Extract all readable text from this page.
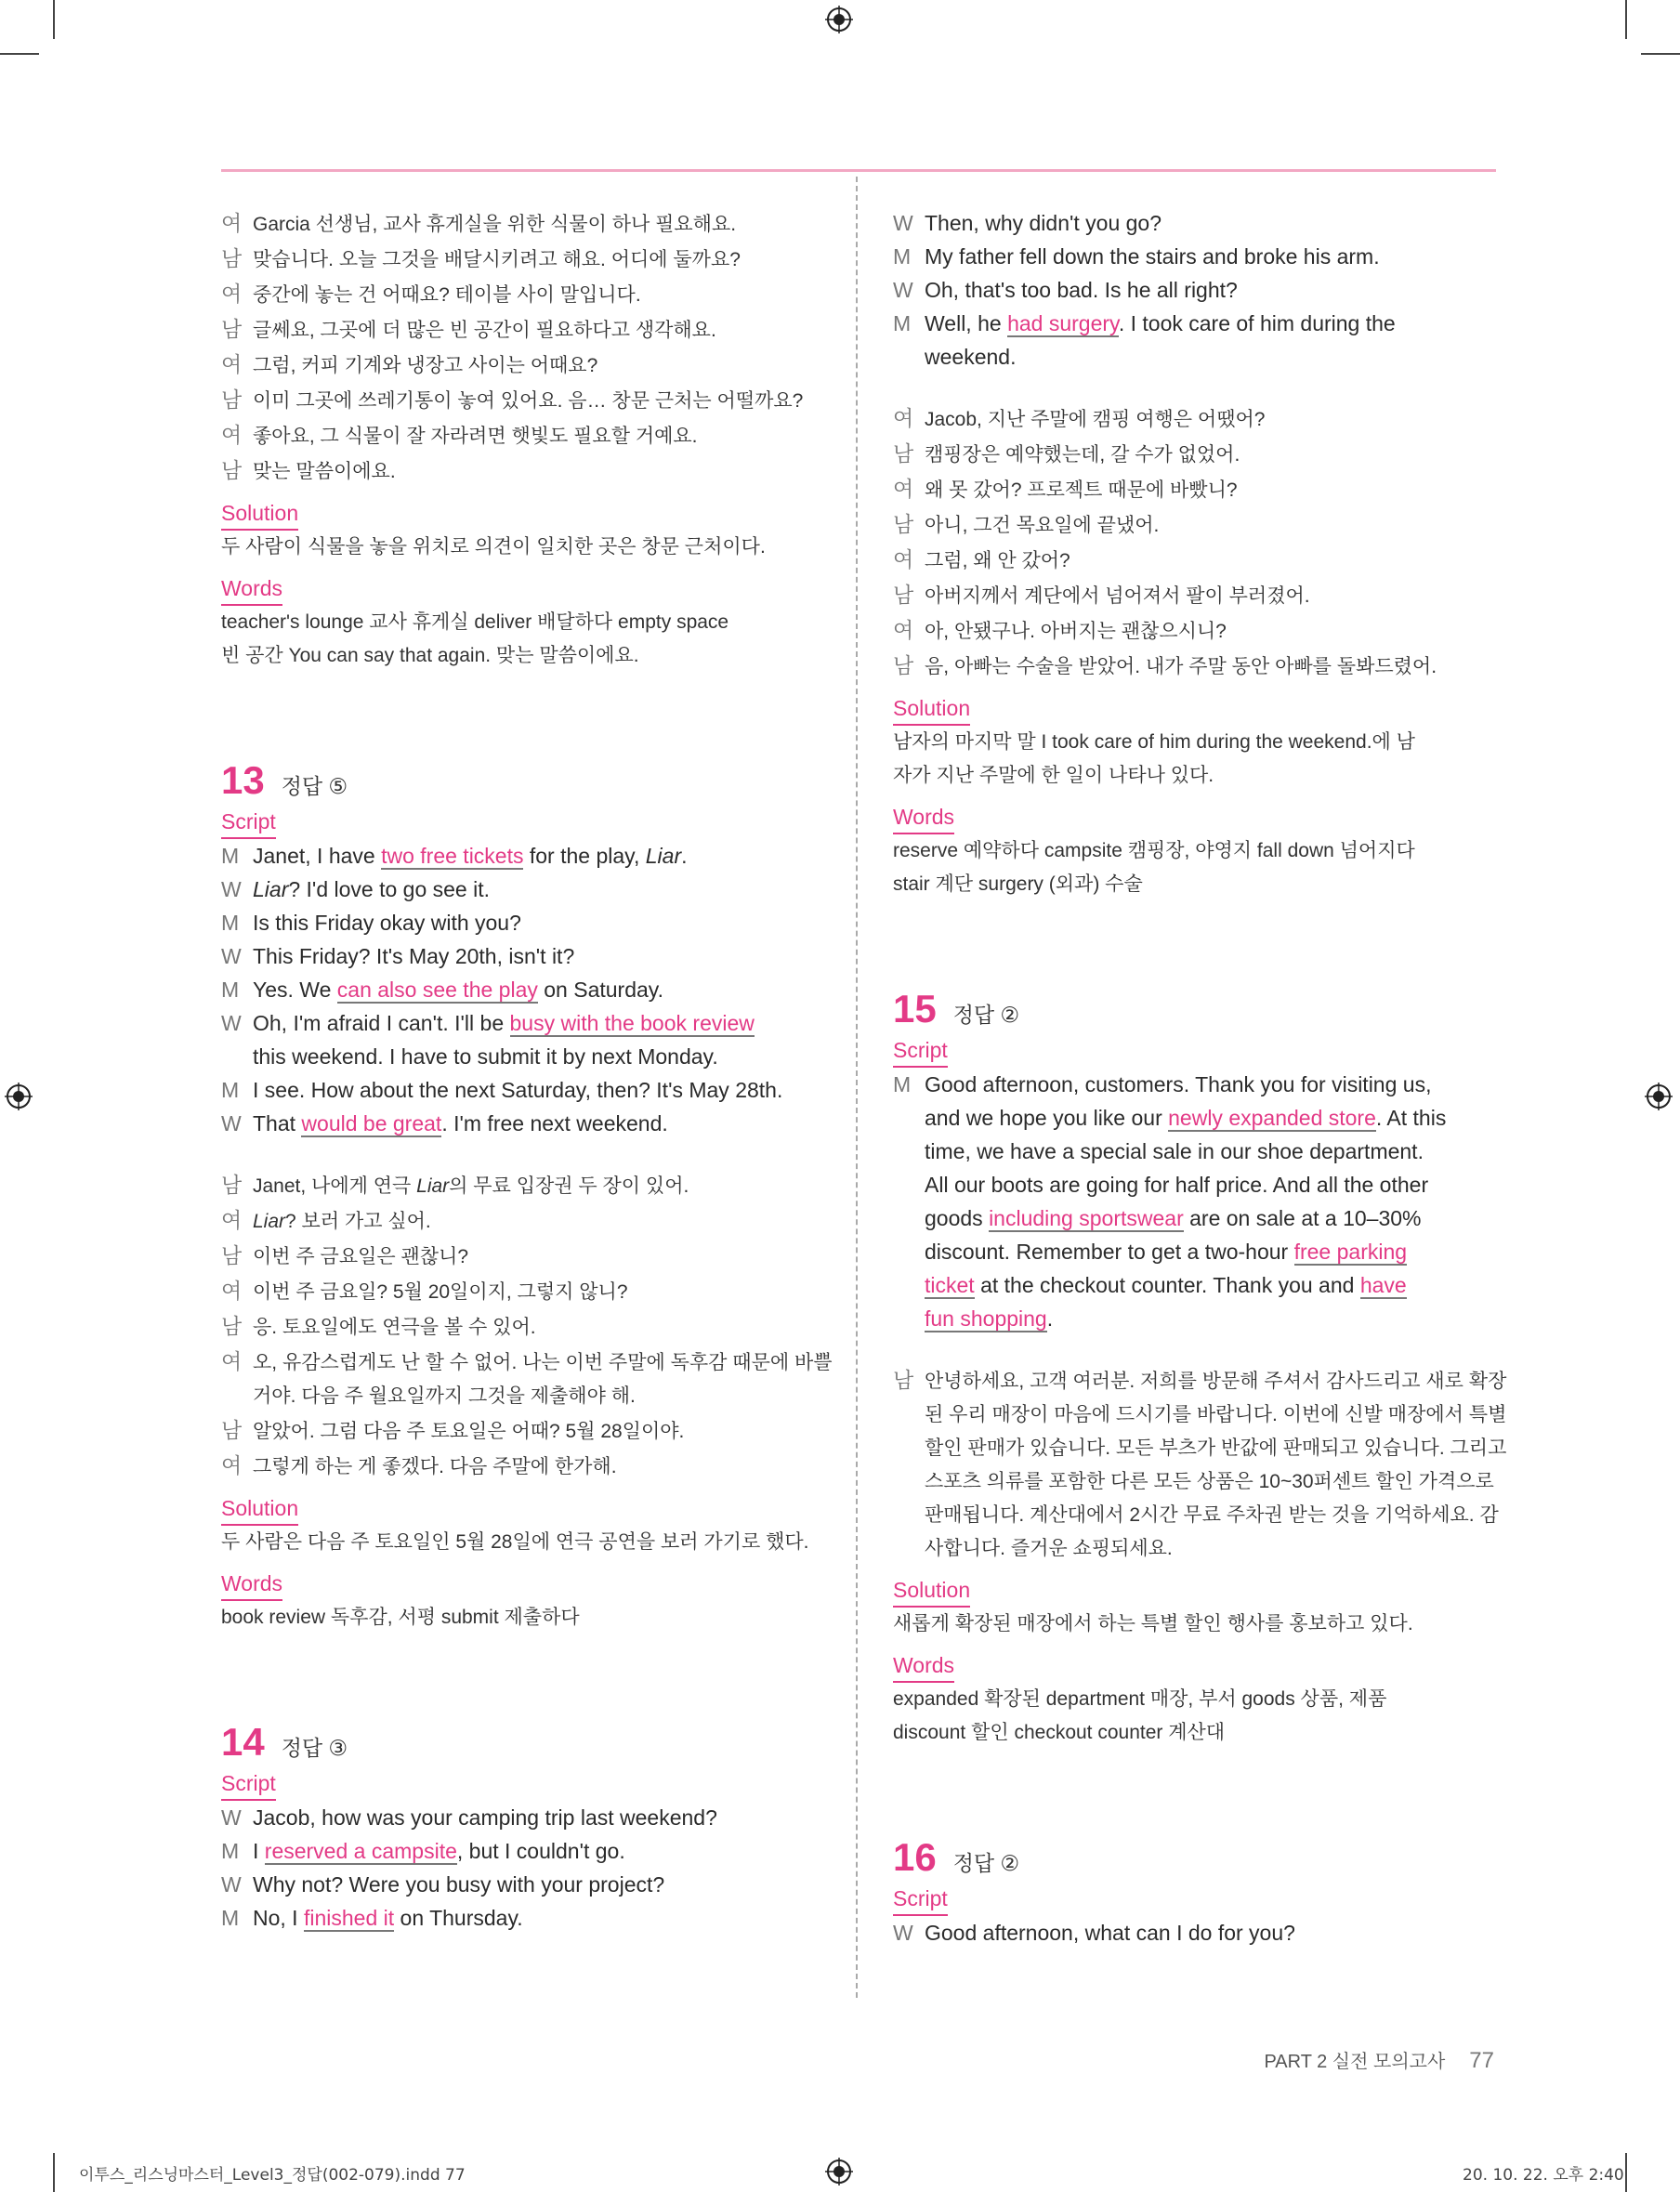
여 Garcia 선생님, 교사 휴게실을 위한 식물이 하나 필요해요.
남 맞습니다. 오늘 그것을 배달시키려고 해요. 어디에 둘까요?
여 중간에 놓는 건 어때요? 테이블 사이 말입니다.
남 글쎄요, 그곳에 더 많은 빈 공간이 필요하다고 생각해요.
여 그럼, 커피 기계와 냉장고 사이는 어때요?
남 이미 그곳에 쓰레기통이 놓여 있어요. 음… 창문 근처는 어떨까요?
여 좋아요, 그 식물이 잘 자라려면 햇빛도 필요할 거예요.
남 맞는 말씀이에요.
Solution
두 사람이 식물을 놓을 위치로 의견이 일치한 곳은 창문 근처이다.
Words
teacher's lounge 교사 휴게실 deliver 배달하다 empty space
빈 공간 You can say that again. 맞는 말씀이에요.
13 정답 ⑤
Script
M Janet, I have two free tickets for the play, Liar.
W Liar? I'd love to go see it.
M Is this Friday okay with you?
W This Friday? It's May 20th, isn't it?
M Yes. We can also see the play on Saturday.
W Oh, I'm afraid I can't. I'll be busy with the book review
this weekend. I have to submit it by next Monday.
M I see. How about the next Saturday, then? It's May 28th.
W That would be great. I'm free next weekend.
남 Janet, 나에게 연극 Liar의 무료 입장권 두 장이 있어.
여 Liar? 보러 가고 싶어.
남 이번 주 금요일은 괜찮니?
여 이번 주 금요일? 5월 20일이지, 그렇지 않니?
남 응. 토요일에도 연극을 볼 수 있어.
여 오, 유감스럽게도 난 할 수 없어. 나는 이번 주말에 독후감 때문에 바쁠
거야. 다음 주 월요일까지 그것을 제출해야 해.
남 알았어. 그럼 다음 주 토요일은 어때? 5월 28일이야.
여 그렇게 하는 게 좋겠다. 다음 주말에 한가해.
Solution
두 사람은 다음 주 토요일인 5월 28일에 연극 공연을 보러 가기로 했다.
Words
book review 독후감, 서평 submit 제출하다
14 정답 ③
Script
W Jacob, how was your camping trip last weekend?
M I reserved a campsite, but I couldn't go.
W Why not? Were you busy with your project?
M No, I finished it on Thursday.
W Then, why didn't you go?
M My father fell down the stairs and broke his arm.
W Oh, that's too bad. Is he all right?
M Well, he had surgery. I took care of him during the
weekend.
여 Jacob, 지난 주말에 캠핑 여행은 어땠어?
남 캠핑장은 예약했는데, 갈 수가 없었어.
여 왜 못 갔어? 프로젝트 때문에 바빴니?
남 아니, 그건 목요일에 끝냈어.
여 그럼, 왜 안 갔어?
남 아버지께서 계단에서 넘어져서 팔이 부러졌어.
여 아, 안됐구나. 아버지는 괜찮으시니?
남 음, 아빠는 수술을 받았어. 내가 주말 동안 아빠를 돌봐드렸어.
Solution
남자의 마지막 말 I took care of him during the weekend.에 남
자가 지난 주말에 한 일이 나타나 있다.
Words
reserve 예약하다 campsite 캠핑장, 야영지 fall down 넘어지다
stair 계단 surgery (외과) 수술
15 정답 ②
Script
M Good afternoon, customers. Thank you for visiting us,
and we hope you like our newly expanded store. At this
time, we have a special sale in our shoe department.
All our boots are going for half price. And all the other
goods including sportswear are on sale at a 10–30%
discount. Remember to get a two-hour free parking
ticket at the checkout counter. Thank you and have
fun shopping.
남 안녕하세요, 고객 여러분. 저희를 방문해 주셔서 감사드리고 새로 확장
된 우리 매장이 마음에 드시기를 바랍니다. 이번에 신발 매장에서 특별
할인 판매가 있습니다. 모든 부츠가 반값에 판매되고 있습니다. 그리고
스포츠 의류를 포함한 다른 모든 상품은 10~30퍼센트 할인 가격으로
판매됩니다. 계산대에서 2시간 무료 주차권 받는 것을 기억하세요. 감
사합니다. 즐거운 쇼핑되세요.
Solution
새롭게 확장된 매장에서 하는 특별 할인 행사를 홍보하고 있다.
Words
expanded 확장된 department 매장, 부서 goods 상품, 제품
discount 할인 checkout counter 계산대
16 정답 ②
Script
W Good afternoon, what can I do for you?
PART 2 실전 모의고사 77
이투스_리스닝마스터_Level3_정답(002-079).indd 77	20. 10. 22. 오후 2:40
